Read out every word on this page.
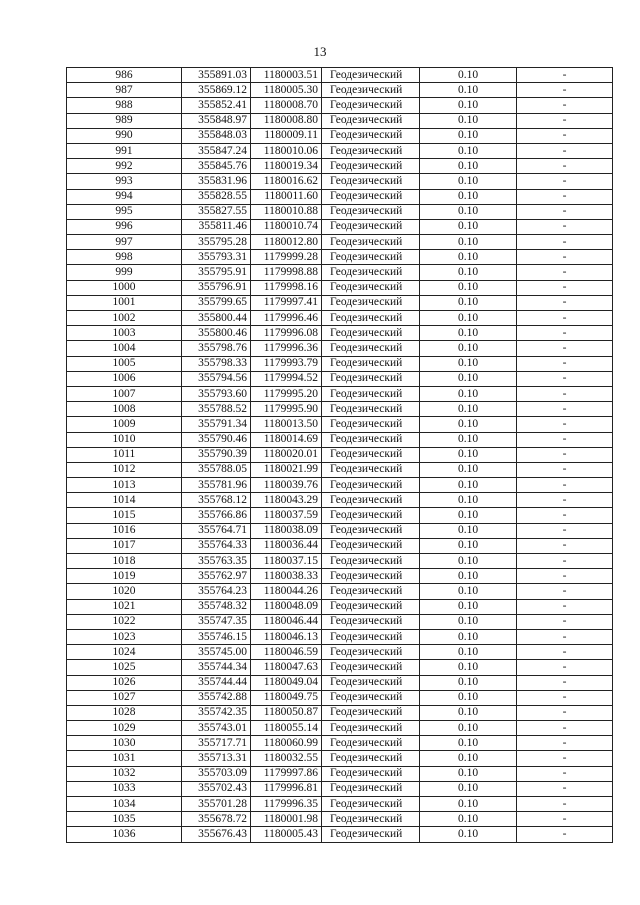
13
986	355891.03	1180003.51	Геодезический	0.10	-
987	355869.12	1180005.30	Геодезический	0.10	-
988	355852.41	1180008.70	Геодезический	0.10	-
989	355848.97	1180008.80	Геодезический	0.10	-
990	355848.03	1180009.11	Геодезический	0.10	-
991	355847.24	1180010.06	Геодезический	0.10	-
992	355845.76	1180019.34	Геодезический	0.10	-
993	355831.96	1180016.62	Геодезический	0.10	-
994	355828.55	1180011.60	Геодезический	0.10	-
995	355827.55	1180010.88	Геодезический	0.10	-
996	355811.46	1180010.74	Геодезический	0.10	-
997	355795.28	1180012.80	Геодезический	0.10	-
998	355793.31	1179999.28	Геодезический	0.10	-
999	355795.91	1179998.88	Геодезический	0.10	-
1000	355796.91	1179998.16	Геодезический	0.10	-
1001	355799.65	1179997.41	Геодезический	0.10	-
1002	355800.44	1179996.46	Геодезический	0.10	-
1003	355800.46	1179996.08	Геодезический	0.10	-
1004	355798.76	1179996.36	Геодезический	0.10	-
1005	355798.33	1179993.79	Геодезический	0.10	-
1006	355794.56	1179994.52	Геодезический	0.10	-
1007	355793.60	1179995.20	Геодезический	0.10	-
1008	355788.52	1179995.90	Геодезический	0.10	-
1009	355791.34	1180013.50	Геодезический	0.10	-
1010	355790.46	1180014.69	Геодезический	0.10	-
1011	355790.39	1180020.01	Геодезический	0.10	-
1012	355788.05	1180021.99	Геодезический	0.10	-
1013	355781.96	1180039.76	Геодезический	0.10	-
1014	355768.12	1180043.29	Геодезический	0.10	-
1015	355766.86	1180037.59	Геодезический	0.10	-
1016	355764.71	1180038.09	Геодезический	0.10	-
1017	355764.33	1180036.44	Геодезический	0.10	-
1018	355763.35	1180037.15	Геодезический	0.10	-
1019	355762.97	1180038.33	Геодезический	0.10	-
1020	355764.23	1180044.26	Геодезический	0.10	-
1021	355748.32	1180048.09	Геодезический	0.10	-
1022	355747.35	1180046.44	Геодезический	0.10	-
1023	355746.15	1180046.13	Геодезический	0.10	-
1024	355745.00	1180046.59	Геодезический	0.10	-
1025	355744.34	1180047.63	Геодезический	0.10	-
1026	355744.44	1180049.04	Геодезический	0.10	-
1027	355742.88	1180049.75	Геодезический	0.10	-
1028	355742.35	1180050.87	Геодезический	0.10	-
1029	355743.01	1180055.14	Геодезический	0.10	-
1030	355717.71	1180060.99	Геодезический	0.10	-
1031	355713.31	1180032.55	Геодезический	0.10	-
1032	355703.09	1179997.86	Геодезический	0.10	-
1033	355702.43	1179996.81	Геодезический	0.10	-
1034	355701.28	1179996.35	Геодезический	0.10	-
1035	355678.72	1180001.98	Геодезический	0.10	-
1036	355676.43	1180005.43	Геодезический	0.10	-
